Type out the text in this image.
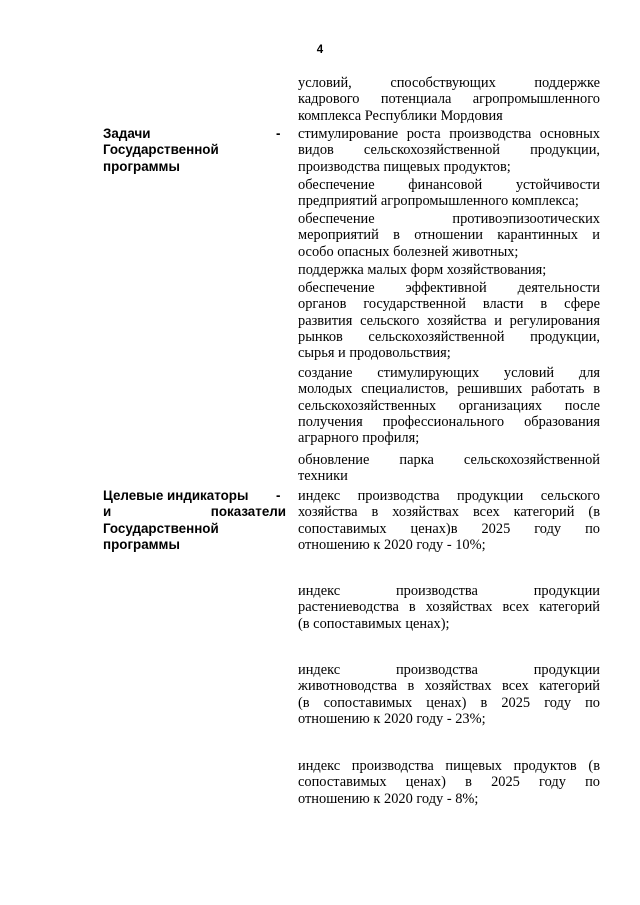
4
Задачи
Государственной
программы
-
Целевые индикаторы
и показатели
Государственной
программы
-
условий, способствующих поддержке
кадрового потенциала агропромышленного
комплекса Республики Мордовия
стимулирование роста производства основных
видов сельскохозяйственной продукции,
производства пищевых продуктов;
обеспечение финансовой устойчивости
предприятий агропромышленного комплекса;
обеспечение противоэпизоотических
мероприятий в отношении карантинных и
особо опасных болезней животных;
поддержка малых форм хозяйствования;
обеспечение эффективной деятельности
органов государственной власти в сфере
развития сельского хозяйства и регулирования
рынков сельскохозяйственной продукции,
сырья и продовольствия;
создание стимулирующих условий для
молодых специалистов, решивших работать в
сельскохозяйственных организациях после
получения профессионального образования
аграрного профиля;
обновление парка сельскохозяйственной
техники
индекс производства продукции сельского
хозяйства в хозяйствах всех категорий (в
сопоставимых ценах)в 2025 году по
отношению к 2020 году - 10%;
индекс производства продукции
растениеводства в хозяйствах всех категорий
(в сопоставимых ценах);
индекс производства продукции
животноводства в хозяйствах всех категорий
(в сопоставимых ценах) в 2025 году по
отношению к 2020 году - 23%;
индекс производства пищевых продуктов (в
сопоставимых ценах) в 2025 году по
отношению к 2020 году - 8%;
